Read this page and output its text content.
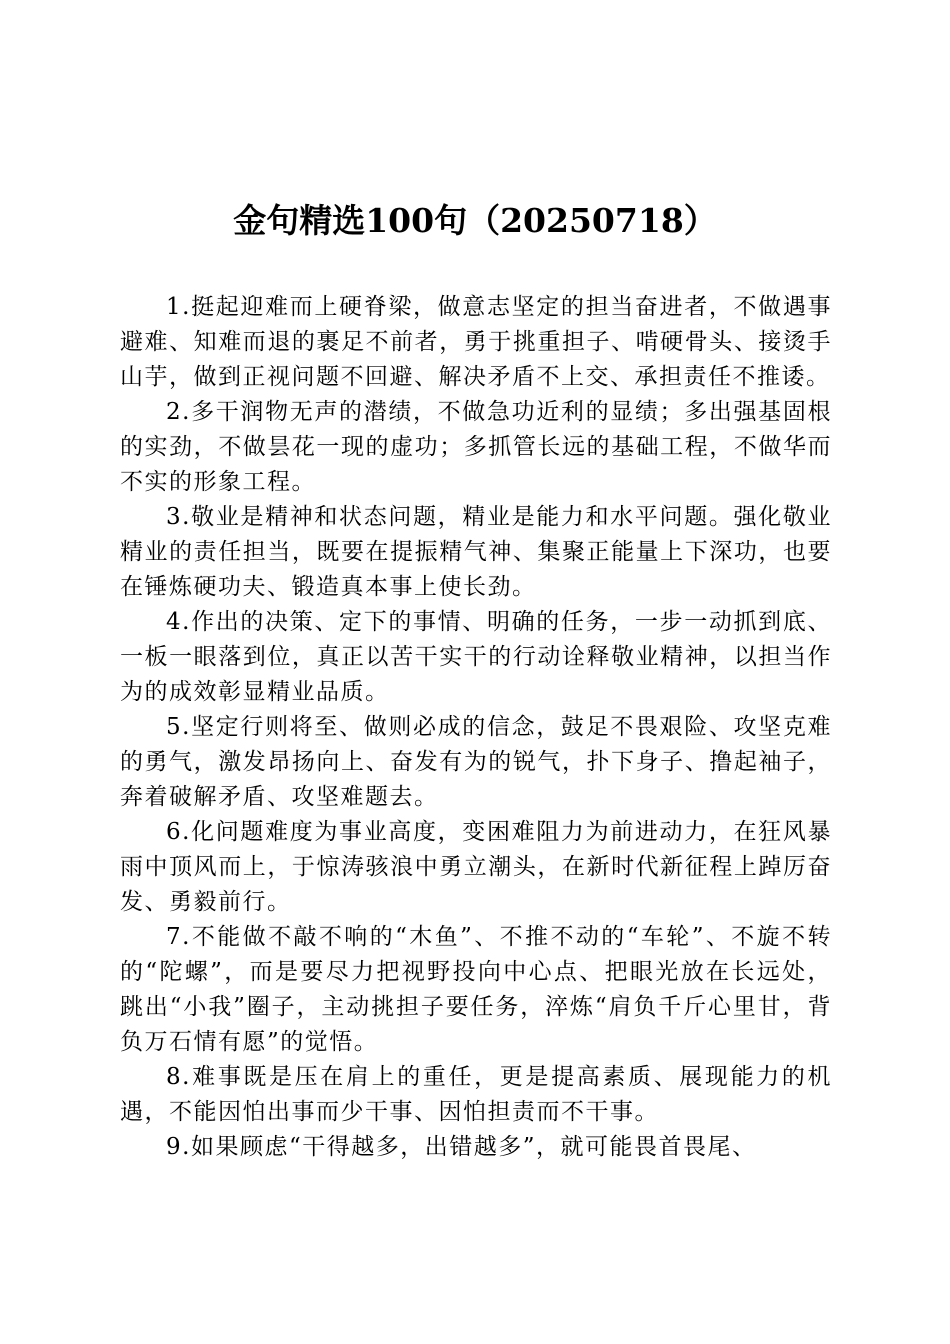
金句精选100句（20250718）

1.挺起迎难而上硬脊梁，做意志坚定的担当奋进者，不做遇事避难、知难而退的裹足不前者，勇于挑重担子、啃硬骨头、接烫手山芋，做到正视问题不回避、解决矛盾不上交、承担责任不推诿。

2.多干润物无声的潜绩，不做急功近利的显绩；多出强基固根的实劲，不做昙花一现的虚功；多抓管长远的基础工程，不做华而不实的形象工程。

3.敬业是精神和状态问题，精业是能力和水平问题。强化敬业精业的责任担当，既要在提振精气神、集聚正能量上下深功，也要在锤炼硬功夫、锻造真本事上使长劲。

4.作出的决策、定下的事情、明确的任务，一步一动抓到底、一板一眼落到位，真正以苦干实干的行动诠释敬业精神，以担当作为的成效彰显精业品质。

5.坚定行则将至、做则必成的信念，鼓足不畏艰险、攻坚克难的勇气，激发昂扬向上、奋发有为的锐气，扑下身子、撸起袖子，奔着破解矛盾、攻坚难题去。

6.化问题难度为事业高度，变困难阻力为前进动力，在狂风暴雨中顶风而上，于惊涛骇浪中勇立潮头，在新时代新征程上踔厉奋发、勇毅前行。

7.不能做不敲不响的“木鱼”、不推不动的“车轮”、不旋不转的“陀螺”，而是要尽力把视野投向中心点、把眼光放在长远处，跳出“小我”圈子，主动挑担子要任务，淬炼“肩负千斤心里甘，背负万石情有愿”的觉悟。

8.难事既是压在肩上的重任，更是提高素质、展现能力的机遇，不能因怕出事而少干事、因怕担责而不干事。

9.如果顾虑“干得越多，出错越多”，就可能畏首畏尾、
